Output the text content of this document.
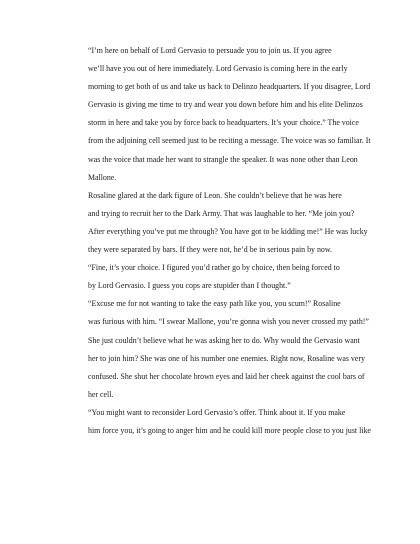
“I’m here on behalf of Lord Gervasio to persuade you to join us. If you agree
we’ll have you out of here immediately. Lord Gervasio is coming here in the early
morning to get both of us and take us back to Delinzo headquarters. If you disagree, Lord
Gervasio is giving me time to try and wear you down before him and his elite Delinzos
storm in here and take you by force back to headquarters. It’s your choice.” The voice
from the adjoining cell seemed just to be reciting a message. The voice was so familiar. It
was the voice that made her want to strangle the speaker. It was none other than Leon
Mallone.

Rosaline glared at the dark figure of Leon. She couldn’t believe that he was here
and trying to recruit her to the Dark Army. That was laughable to her. “Me join you?
After everything you’ve put me through? You have got to be kidding me!” He was lucky
they were separated by bars. If they were not, he’d be in serious pain by now.

“Fine, it’s your choice. I figured you’d rather go by choice, then being forced to
by Lord Gervasio. I guess you cops are stupider than I thought.”

“Excuse me for not wanting to take the easy path like you, you scum!” Rosaline
was furious with him. “I swear Mallone, you’re gonna wish you never crossed my path!”
She just couldn’t believe what he was asking her to do. Why would the Gervasio want
her to join him? She was one of his number one enemies. Right now, Rosaline was very
confused. She shut her chocolate brown eyes and laid her cheek against the cool bars of
her cell.

“You might want to reconsider Lord Gervasio’s offer. Think about it. If you make
him force you, it’s going to anger him and he could kill more people close to you just like
